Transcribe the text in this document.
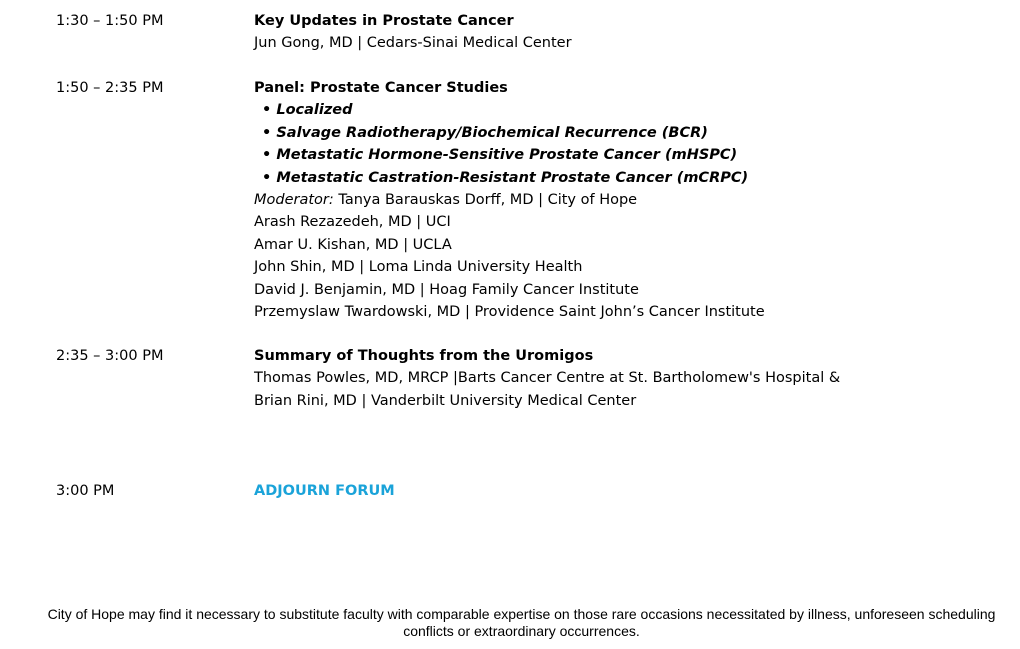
1:30 – 1:50 PM	Key Updates in Prostate Cancer
Jun Gong, MD | Cedars-Sinai Medical Center
1:50 – 2:35 PM	Panel: Prostate Cancer Studies
• Localized
• Salvage Radiotherapy/Biochemical Recurrence (BCR)
• Metastatic Hormone-Sensitive Prostate Cancer (mHSPC)
• Metastatic Castration-Resistant Prostate Cancer (mCRPC)
Moderator: Tanya Barauskas Dorff, MD | City of Hope
Arash Rezazedeh, MD | UCI
Amar U. Kishan, MD | UCLA
John Shin, MD | Loma Linda University Health
David J. Benjamin, MD | Hoag Family Cancer Institute
Przemyslaw Twardowski, MD | Providence Saint John’s Cancer Institute
2:35 – 3:00 PM	Summary of Thoughts from the Uromigos
Thomas Powles, MD, MRCP |Barts Cancer Centre at St. Bartholomew's Hospital &
Brian Rini, MD | Vanderbilt University Medical Center
3:00 PM	ADJOURN FORUM
City of Hope may find it necessary to substitute faculty with comparable expertise on those rare occasions necessitated by illness, unforeseen scheduling conflicts or extraordinary occurrences.
